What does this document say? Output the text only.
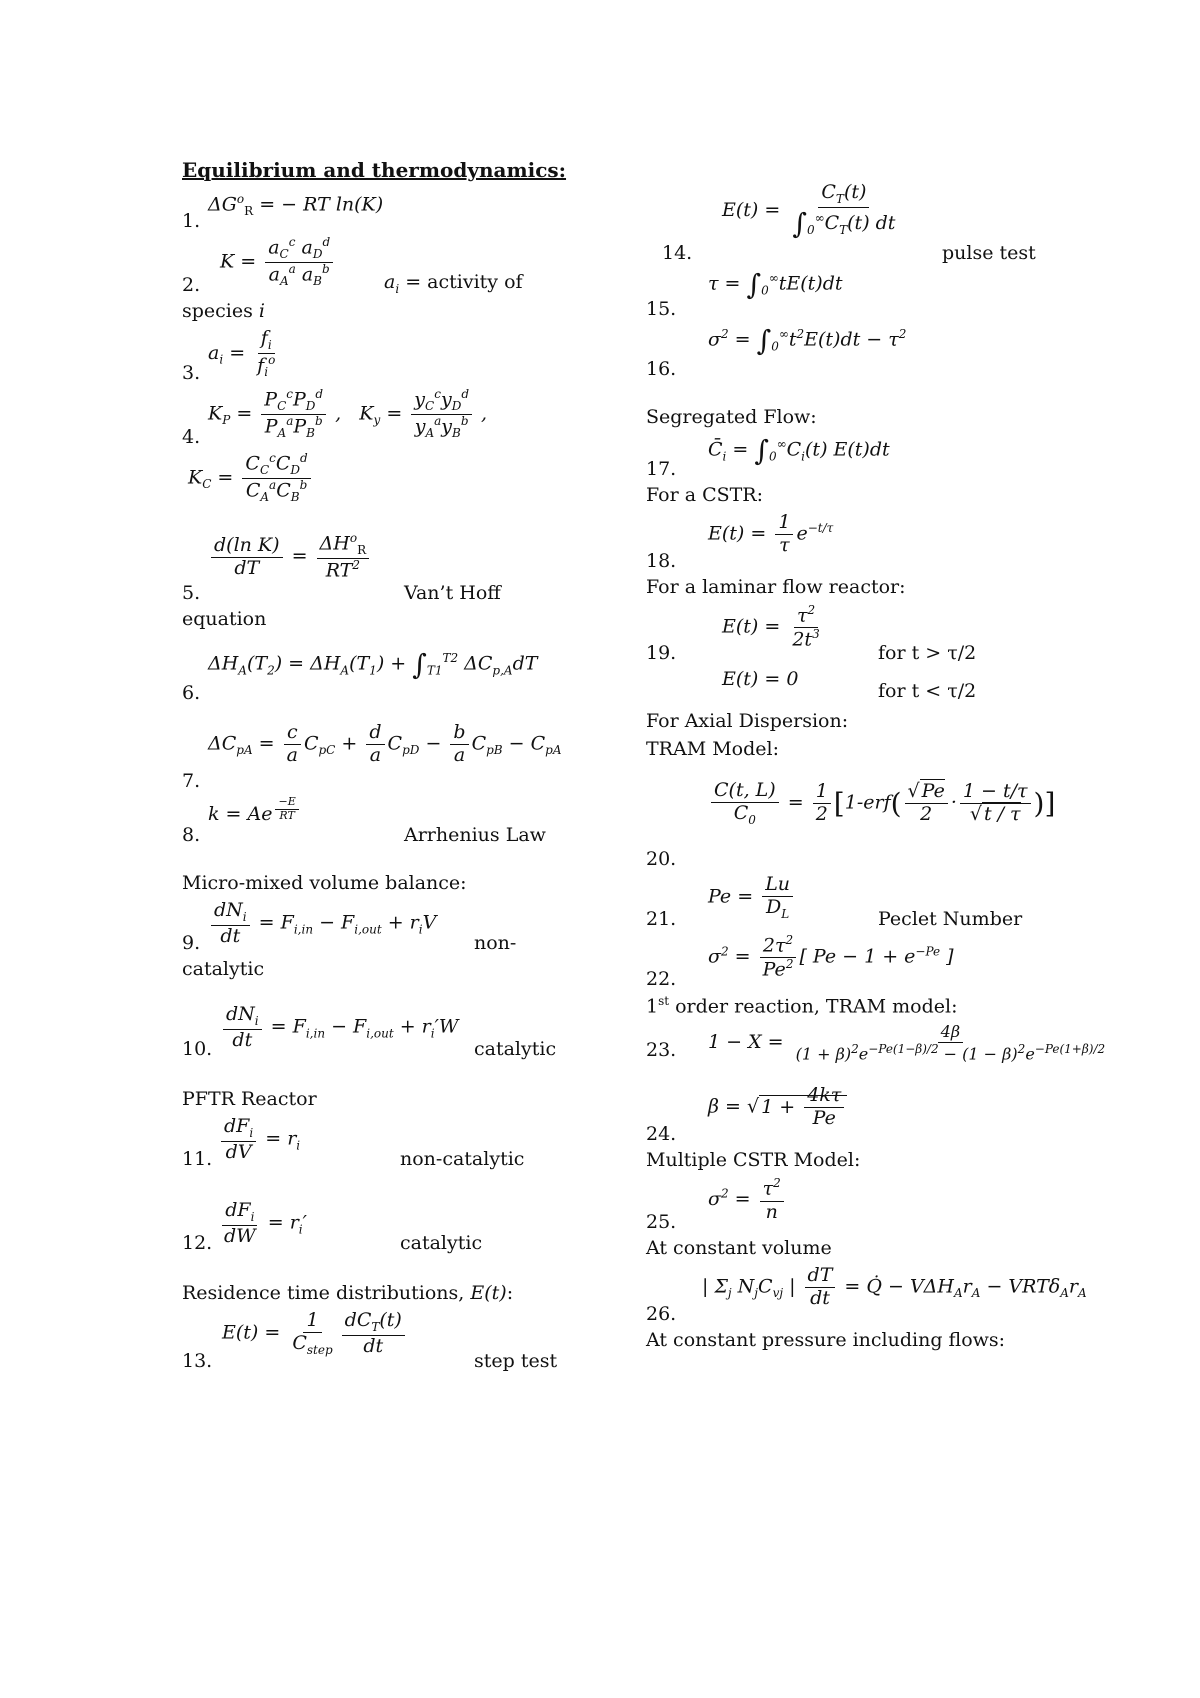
Equilibrium and thermodynamics:
1.
$\Delta G^o_R$ = − RT ln(K)
2.
$K = \frac{a_C^c a_D^d}{a_A^a a_B^b}$	$a_i$ = activity of
species i
3.
$a_i = \frac{f_i}{f_i^o}$
4.
$K_P = \frac{P_C^cP_D^d}{P_A^aP_B^b}$ ,   $K_y = \frac{y_C^cy_D^d}{y_A^ay_B^b}$ ,
$K_C = \frac{C_C^cC_D^d}{C_A^aC_B^b}$
5.
$\frac{\text{d(ln K)}}{dT} = \frac{\Delta H^o_R}{RT^2}$
Van’t Hoff
equation
6.
$\Delta H_A(T_2) = \Delta H_A(T_1) + \int_{T1}^{T2}$ $\Delta C_{p,A}dT$
7.
$\Delta C_{pA} = \frac{c}{a} C_{pC} + \frac{d}{a} C_{pD} - \frac{b}{a} C_{pB} - C_{pA}$
8.
k = Ae $^{\frac{-E}{RT}}$
Arrhenius Law
Micro-mixed volume balance:
9. $\frac{dN_i}{dt} = F_{i,in} - F_{i,out} + r_iV$
non-
catalytic
10. $\frac{dN_i}{dt} = F_{i,in} - F_{i,out} + r_i'W$
catalytic
PFTR Reactor
11. $\frac{dF_i}{dV} = r_i$
non-catalytic
12. $\frac{dF_i}{dW} = r_i'$
catalytic
Residence time distributions, E(t):
13.
$E(t) = \frac{1}{C_{step}} \frac{dC_T(t)}{dt}$
step test
14.
$E(t) = \frac{C_T(t)}{\int_0^\infty C_T(t) dt}$
pulse test
15.
$\tau = \int_0^\infty tE(t)dt$
16.
$\sigma^2 = \int_0^\infty t^2E(t)dt - \tau^2$
Segregated Flow:
17.
$C̄_i = \int_0^\infty C_i(t)$ E(t)dt
For a CSTR:
18.
$E(t) = \frac{1}{\tau} e^{-t/\tau}$
For a laminar flow reactor:
19.
$E(t) = \frac{\tau^2}{2t^3}$
for t > τ/2
E(t) = 0
for t < τ/2
For Axial Dispersion:
TRAM Model:
20.
$\frac{C(t, L)}{C_0} = \frac{1}{2} [1-erf( \frac{√ Pe}{2} \cdot \frac{1 - t/\tau}{√ t / \tau}$ )]
21.
$Pe = \frac{Lu}{D_L}$	Peclet Number
22.
$\sigma^2 = \frac{2\tau^2}{Pe^2}$ [ $Pe - 1 + e^{-Pe}$ ]
1st order reaction, TRAM model:
23. $1 - X = \frac{4\beta}{(1 + \beta)^2e^{-Pe(1-\beta)/2} - (1 - \beta)^2e^{-Pe(1+\beta)/2}}$
24.
β = √ $1 + \frac{4k\tau}{Pe}$
Multiple CSTR Model:
25.
$\sigma^2 = \frac{\tau^2}{n}$
At constant volume
26.
| $\Sigma_j$ $N_jC_{vj}$ | $\frac{dT}{dt}$ = Q̇ − $V\Delta H_Ar_A - VRT\delta_Ar_A$
At constant pressure including flows:
